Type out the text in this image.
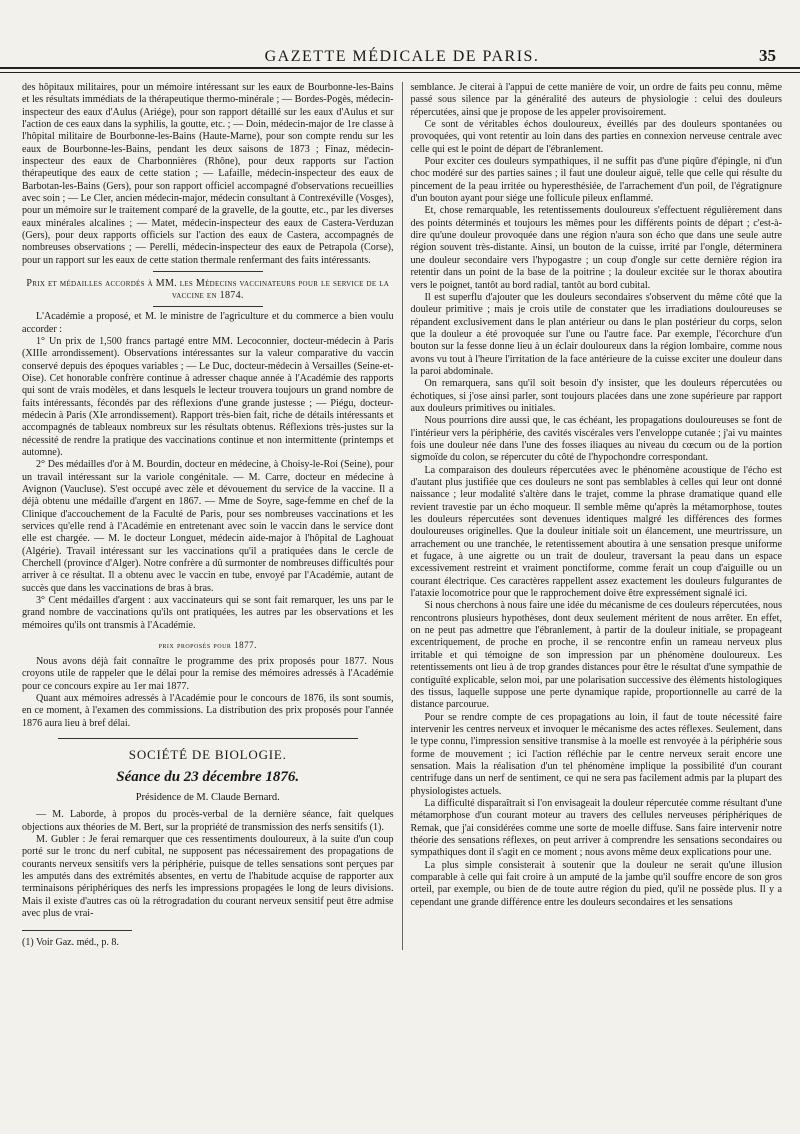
GAZETTE MÉDICALE DE PARIS.	35

des hôpitaux militaires, pour un mémoire intéressant sur les eaux de Bourbonne-les-Bains et les résultats immédiats de la thérapeutique thermo-minérale ; — Bordes-Pogès, médecin-inspecteur des eaux d'Aulus (Ariége), pour son rapport détaillé sur les eaux d'Aulus et sur l'action de ces eaux dans la syphilis, la goutte, etc. ; — Doin, médecin-major de 1re classe à l'hôpital militaire de Bourbonne-les-Bains (Haute-Marne), pour son compte rendu sur les eaux de Bourbonne-les-Bains, pendant les deux saisons de 1873 ; Finaz, médecin-inspecteur des eaux de Charbonnières (Rhône), pour deux rapports sur l'action thérapeutique des eaux de cette station ; — Lafaille, médecin-inspecteur des eaux de Barbotan-les-Bains (Gers), pour son rapport officiel accompagné d'observations recueillies avec soin ; — Le Cler, ancien médecin-major, médecin consultant à Contrexéville (Vosges), pour un mémoire sur le traitement comparé de la gravelle, de la goutte, etc., par les diverses eaux minérales alcalines ; — Matet, médecin-inspecteur des eaux de Castera-Verduzan (Gers), pour deux rapports officiels sur l'action des eaux de Castera, accompagnés de nombreuses observations ; — Perelli, médecin-inspecteur des eaux de Petrapola (Corse), pour un rapport sur les eaux de cette station thermale renfermant des faits intéressants.

Prix et médailles accordés à MM. les Médecins vaccinateurs pour le service de la vaccine en 1874.

L'Académie a proposé, et M. le ministre de l'agriculture et du commerce a bien voulu accorder :

1° Un prix de 1,500 francs partagé entre MM. Lecoconnier, docteur-médecin à Paris (XIIIe arrondissement). Observations intéressantes sur la valeur comparative du vaccin conservé depuis des époques variables ; — Le Duc, docteur-médecin à Versailles (Seine-et-Oise). Cet honorable confrère continue à adresser chaque année à l'Académie des rapports qui sont de vrais modèles, et dans lesquels le lecteur trouvera toujours un grand nombre de faits intéressants, fécondés par des réflexions d'une grande justesse ; — Piégu, docteur-médecin à Paris (XIe arrondissement). Rapport très-bien fait, riche de détails intéressants et accompagnés de tableaux nombreux sur les résultats obtenus. Réflexions très-justes sur la nécessité de rendre la pratique des vaccinations continue et non intermittente (printemps et automne).

2° Des médailles d'or à M. Bourdin, docteur en médecine, à Choisy-le-Roi (Seine), pour un travail intéressant sur la variole congénitale. — M. Carre, docteur en médecine à Avignon (Vaucluse). S'est occupé avec zèle et dévouement du service de la vaccine. Il a déjà obtenu une médaille d'argent en 1867. — Mme de Soyre, sage-femme en chef de la Clinique d'accouchement de la Faculté de Paris, pour ses nombreuses vaccinations et les services qu'elle rend à l'Académie en entretenant avec soin le vaccin dans le service dont elle est chargée. — M. le docteur Longuet, médecin aide-major à l'hôpital de Laghouat (Algérie). Travail intéressant sur les vaccinations qu'il a pratiquées dans le cercle de Cherchell (province d'Alger). Notre confrère a dû surmonter de nombreuses difficultés pour arriver à ce résultat. Il a obtenu avec le vaccin en tube, envoyé par l'Académie, autant de succès que dans les vaccinations de bras à bras.

3° Cent médailles d'argent : aux vaccinateurs qui se sont fait remarquer, les uns par le grand nombre de vaccinations qu'ils ont pratiquées, les autres par les observations et les mémoires qu'ils ont transmis à l'Académie.

prix proposés pour 1877.

Nous avons déjà fait connaître le programme des prix proposés pour 1877. Nous croyons utile de rappeler que le délai pour la remise des mémoires adressés à l'Académie pour ce concours expire au 1er mai 1877.

Quant aux mémoires adressés à l'Académie pour le concours de 1876, ils sont soumis, en ce moment, à l'examen des commissions. La distribution des prix proposés pour l'année 1876 aura lieu à bref délai.

SOCIÉTÉ DE BIOLOGIE.
Séance du 23 décembre 1876.
Présidence de M. Claude Bernard.

— M. Laborde, à propos du procès-verbal de la dernière séance, fait quelques objections aux théories de M. Bert, sur la propriété de transmission des nerfs sensitifs (1).

M. Gubler : Je ferai remarquer que ces ressentiments douloureux, à la suite d'un coup porté sur le tronc du nerf cubital, ne supposent pas nécessairement des propagations de courants nerveux sensitifs vers la périphérie, puisque de telles sensations sont perçues par les amputés dans des extrémités absentes, en vertu de l'habitude acquise de rapporter aux terminaisons périphériques des nerfs les impressions propagées le long de leurs divisions. Mais il existe d'autres cas où la rétrogradation du courant nerveux sensitif peut être admise avec plus de vrai-

(1) Voir Gaz. méd., p. 8.

semblance. Je citerai à l'appui de cette manière de voir, un ordre de faits peu connu, même passé sous silence par la généralité des auteurs de physiologie : celui des douleurs répercutées, ainsi que je propose de les appeler provisoirement.

Ce sont de véritables échos douloureux, éveillés par des douleurs spontanées ou provoquées, qui vont retentir au loin dans des parties en connexion nerveuse centrale avec celle qui est le point de départ de l'ébranlement.

Pour exciter ces douleurs sympathiques, il ne suffit pas d'une piqûre d'épingle, ni d'un choc modéré sur des parties saines ; il faut une douleur aiguë, telle que celle qui résulte du pincement de la peau irritée ou hyperesthésiée, de l'arrachement d'un poil, de l'égratignure d'un bouton ayant pour siége une follicule pileux enflammé.

Et, chose remarquable, les retentissements douloureux s'effectuent régulièrement dans des points déterminés et toujours les mêmes pour les différents points de départ ; c'est-à-dire qu'une douleur provoquée dans une région n'aura son écho que dans une seule autre région souvent très-distante. Ainsi, un bouton de la cuisse, irrité par l'ongle, déterminera une douleur secondaire vers l'hypogastre ; un coup d'ongle sur cette dernière région ira retentir dans un point de la base de la poitrine ; la douleur excitée sur le thorax aboutira vers le poignet, tantôt au bord radial, tantôt au bord cubital.

Il est superflu d'ajouter que les douleurs secondaires s'observent du même côté que la douleur primitive ; mais je crois utile de constater que les irradiations douloureuses se répandent exclusivement dans le plan antérieur ou dans le plan postérieur du corps, selon que la douleur a été provoquée sur l'une ou l'autre face. Par exemple, l'écorchure d'un bouton sur la fesse donne lieu à un éclair douloureux dans la région lombaire, comme nous avons vu tout à l'heure l'irritation de la face antérieure de la cuisse exciter une douleur dans la paroi abdominale.

On remarquera, sans qu'il soit besoin d'y insister, que les douleurs répercutées ou échotiques, si j'ose ainsi parler, sont toujours placées dans une zone supérieure par rapport aux douleurs primitives ou initiales.

Nous pourrions dire aussi que, le cas échéant, les propagations douloureuses se font de l'intérieur vers la périphérie, des cavités viscérales vers l'enveloppe cutanée ; j'ai vu maintes fois une douleur née dans l'une des fosses iliaques au niveau du cœcum ou de la portion sigmoïde du colon, se répercuter du côté de l'hypochondre correspondant.

La comparaison des douleurs répercutées avec le phénomène acoustique de l'écho est d'autant plus justifiée que ces douleurs ne sont pas semblables à celles qui leur ont donné naissance ; leur modalité s'altère dans le trajet, comme la phrase dramatique quand elle revient travestie par un écho moqueur. Il semble même qu'après la métamorphose, toutes les douleurs répercutées sont devenues identiques malgré les différences des formes douloureuses originelles. Que la douleur initiale soit un élancement, une meurtrissure, un arrachement ou une tranchée, le retentissement aboutira à une sensation presque uniforme et fugace, à une aigrette ou un trait de douleur, traversant la peau dans un espace excessivement restreint et vraiment ponctiforme, comme ferait un coup d'aiguille ou un courant électrique. Ces caractères rappellent assez exactement les douleurs fulgurantes de l'ataxie locomotrice pour que le rapprochement doive être expressément signalé ici.

Si nous cherchons à nous faire une idée du mécanisme de ces douleurs répercutées, nous rencontrons plusieurs hypothèses, dont deux seulement méritent de nous arrêter. En effet, on ne peut pas admettre que l'ébranlement, à partir de la douleur initiale, se propageant excentriquement, de proche en proche, il se rencontre enfin un rameau nerveux plus irritable et qui témoigne de son impression par un phénomène douloureux. Les retentissements ont lieu à de trop grandes distances pour être le résultat d'une sympathie de contiguïté explicable, selon moi, par une polarisation successive des éléments histologiques des tissus, laquelle suppose une perte dynamique rapide, proportionnelle au carré de la distance parcourue.

Pour se rendre compte de ces propagations au loin, il faut de toute nécessité faire intervenir les centres nerveux et invoquer le mécanisme des actes réflexes. Seulement, dans le type connu, l'impression sensitive transmise à la moelle est renvoyée à la périphérie sous forme de mouvement ; ici l'action réfléchie par le centre nerveux serait encore une sensation. Mais la réalisation d'un tel phénomène implique la possibilité d'un courant centrifuge dans un nerf de sentiment, ce qui ne sera pas facilement admis par la plupart des physiologistes actuels.

La difficulté disparaîtrait si l'on envisageait la douleur répercutée comme résultant d'une métamorphose d'un courant moteur au travers des cellules nerveuses périphériques de Remak, que j'ai considérées comme une sorte de moelle diffuse. Sans faire intervenir notre théorie des sensations réflexes, on peut arriver à comprendre les sensations secondaires ou sympathiques dont il s'agit en ce moment ; nous avons même deux explications pour une.

La plus simple consisterait à soutenir que la douleur ne serait qu'une illusion comparable à celle qui fait croire à un amputé de la jambe qu'il souffre encore de son gros orteil, par exemple, ou bien de de toute autre région du pied, qu'il ne possède plus. Il y a cependant une grande différence entre les douleurs secondaires et les sensations
